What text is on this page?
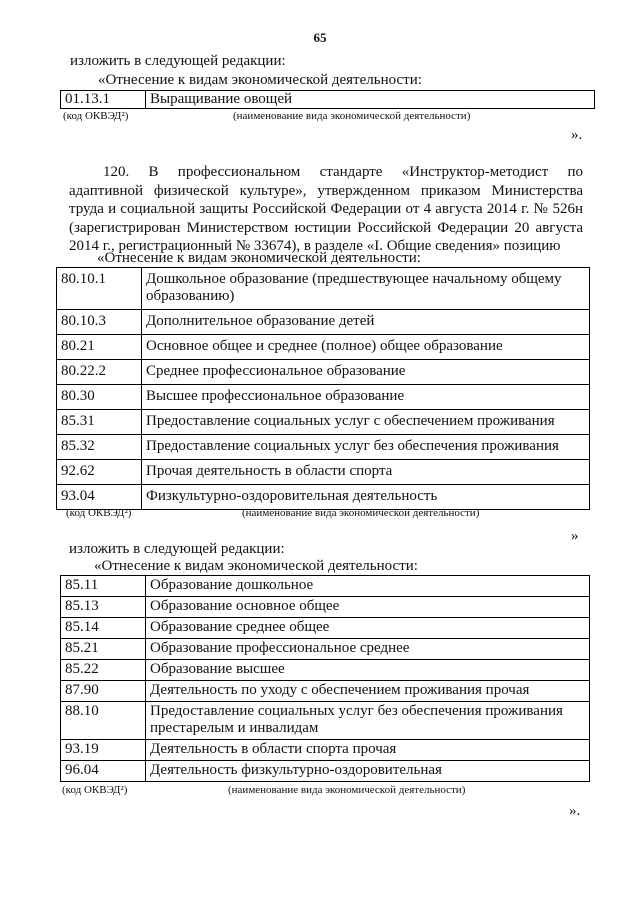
65
изложить в следующей редакции:
«Отнесение к видам экономической деятельности:
01.13.1	Выращивание овощей
(код ОКВЭД²)	(наименование вида экономической деятельности)
».
120. В профессиональном стандарте «Инструктор-методист по адаптивной физической культуре», утвержденном приказом Министерства труда и социальной защиты Российской Федерации от 4 августа 2014 г. № 526н (зарегистрирован Министерством юстиции Российской Федерации 20 августа 2014 г., регистрационный № 33674), в разделе «I. Общие сведения» позицию
«Отнесение к видам экономической деятельности:
80.10.1	Дошкольное образование (предшествующее начальному общему образованию)
80.10.3	Дополнительное образование детей
80.21	Основное общее и среднее (полное) общее образование
80.22.2	Среднее профессиональное образование
80.30	Высшее профессиональное образование
85.31	Предоставление социальных услуг с обеспечением проживания
85.32	Предоставление социальных услуг без обеспечения проживания
92.62	Прочая деятельность в области спорта
93.04	Физкультурно-оздоровительная деятельность
(код ОКВЭД²)	(наименование вида экономической деятельности)
»
изложить в следующей редакции:
«Отнесение к видам экономической деятельности:
85.11	Образование дошкольное
85.13	Образование основное общее
85.14	Образование среднее общее
85.21	Образование профессиональное среднее
85.22	Образование высшее
87.90	Деятельность по уходу с обеспечением проживания прочая
88.10	Предоставление социальных услуг без обеспечения проживания престарелым и инвалидам
93.19	Деятельность в области спорта прочая
96.04	Деятельность физкультурно-оздоровительная
(код ОКВЭД²)	(наименование вида экономической деятельности)
».
